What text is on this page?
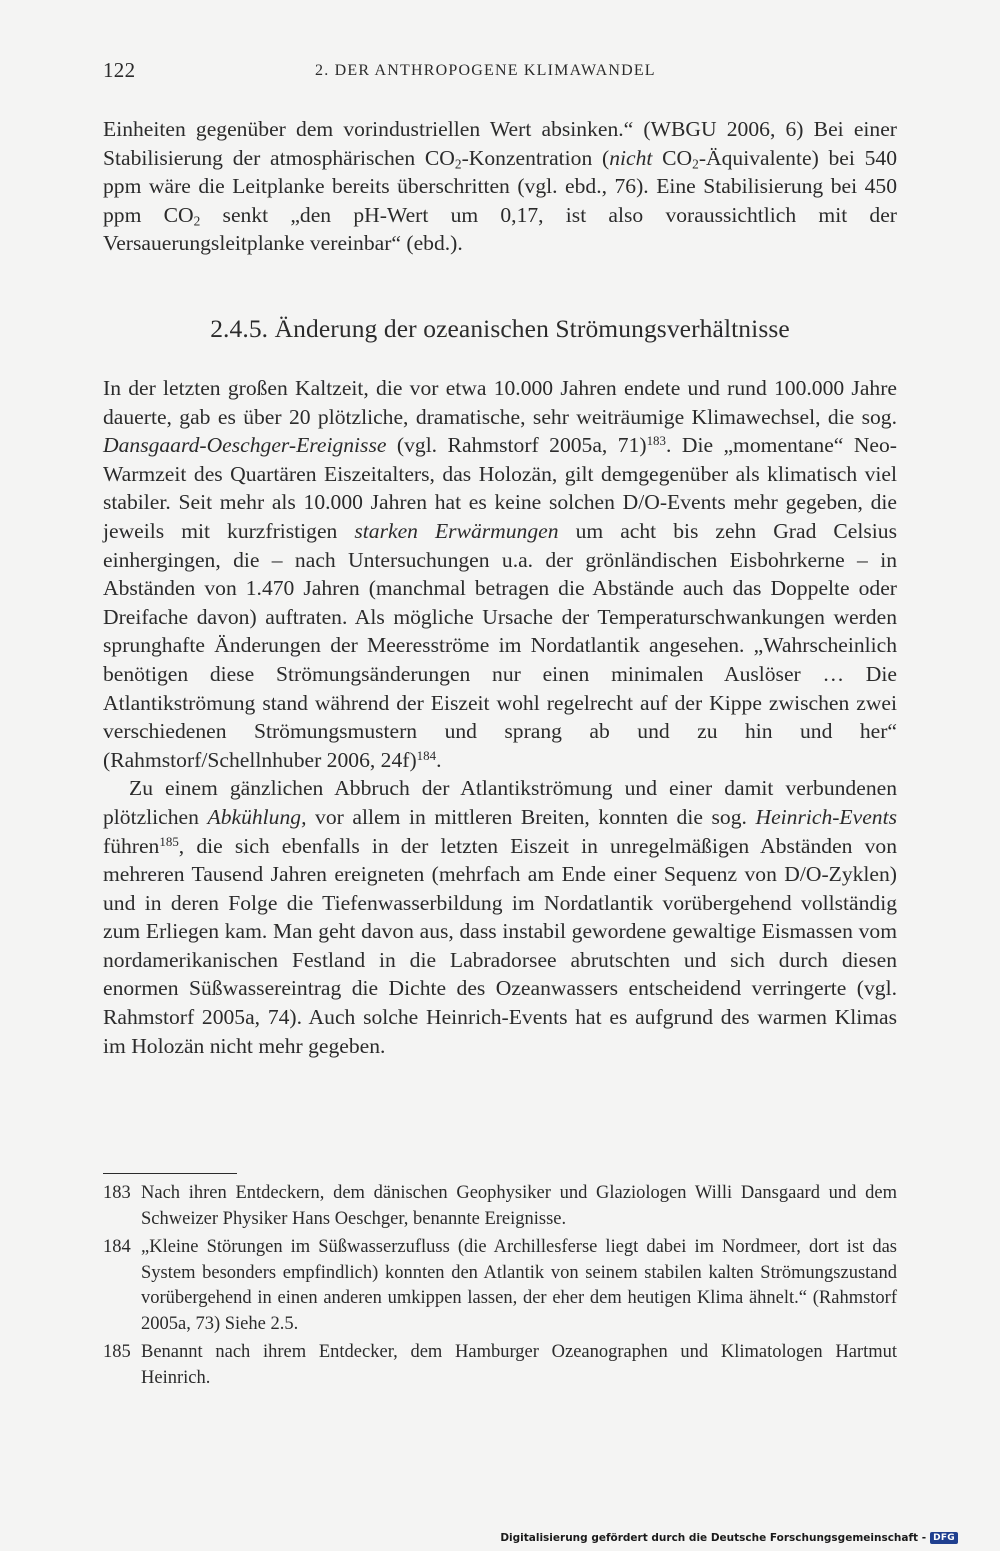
122	2. DER ANTHROPOGENE KLIMAWANDEL

Einheiten gegenüber dem vorindustriellen Wert absinken.“ (WBGU 2006, 6) Bei einer Stabilisierung der atmosphärischen $CO_2$-Konzentration (nicht $CO_2-Äquivalente$) bei 540 ppm wäre die Leitplanke bereits überschritten (vgl. ebd., 76). Eine Stabilisierung bei 450 ppm $CO_2$ senkt „den pH-Wert um 0,17, ist also voraussichtlich mit der Versauerungsleitplanke vereinbar“ (ebd.).

2.4.5. Änderung der ozeanischen Strömungsverhältnisse

In der letzten großen Kaltzeit, die vor etwa 10.000 Jahren endete und rund 100.000 Jahre dauerte, gab es über 20 plötzliche, dramatische, sehr weiträumige Klimawechsel, die sog. Dansgaard-Oeschger-Ereignisse (vgl. Rahmstorf 2005a, 71)$^{183}$. Die „momentane“ Neo-Warmzeit des Quartären Eiszeitalters, das Holozän, gilt demgegenüber als klimatisch viel stabiler. Seit mehr als 10.000 Jahren hat es keine solchen D/O-Events mehr gegeben, die jeweils mit kurzfristigen starken Erwärmungen um acht bis zehn Grad Celsius einhergingen, die – nach Untersuchungen u.a. der grönländischen Eisbohrkerne – in Abständen von 1.470 Jahren (manchmal betragen die Abstände auch das Doppelte oder Dreifache davon) auftraten. Als mögliche Ursache der Temperaturschwankungen werden sprunghafte Änderungen der Meeresströme im Nordatlantik angesehen. „Wahrscheinlich benötigen diese Strömungsänderungen nur einen minimalen Auslöser … Die Atlantikströmung stand während der Eiszeit wohl regelrecht auf der Kippe zwischen zwei verschiedenen Strömungsmustern und sprang ab und zu hin und her“ (Rahmstorf/Schellnhuber 2006, 24f)$^{184}$.

Zu einem gänzlichen Abbruch der Atlantikströmung und einer damit verbundenen plötzlichen Abkühlung, vor allem in mittleren Breiten, konnten die sog. Heinrich-Events führen$^{185}$, die sich ebenfalls in der letzten Eiszeit in unregelmäßigen Abständen von mehreren Tausend Jahren ereigneten (mehrfach am Ende einer Sequenz von D/O-Zyklen) und in deren Folge die Tiefenwasserbildung im Nordatlantik vorübergehend vollständig zum Erliegen kam. Man geht davon aus, dass instabil gewordene gewaltige Eismassen vom nordamerikanischen Festland in die Labradorsee abrutschten und sich durch diesen enormen Süßwassereintrag die Dichte des Ozeanwassers entscheidend verringerte (vgl. Rahmstorf 2005a, 74). Auch solche Heinrich-Events hat es aufgrund des warmen Klimas im Holozän nicht mehr gegeben.

183 Nach ihren Entdeckern, dem dänischen Geophysiker und Glaziologen Willi Dansgaard und dem Schweizer Physiker Hans Oeschger, benannte Ereignisse.
184 „Kleine Störungen im Süßwasserzufluss (die Archillesferse liegt dabei im Nordmeer, dort ist das System besonders empfindlich) konnten den Atlantik von seinem stabilen kalten Strömungszustand vorübergehend in einen anderen umkippen lassen, der eher dem heutigen Klima ähnelt.“ (Rahmstorf 2005a, 73) Siehe 2.5.
185 Benannt nach ihrem Entdecker, dem Hamburger Ozeanographen und Klimatologen Hartmut Heinrich.
Digitalisierung gefördert durch die Deutsche Forschungsgemeinschaft - DFG
